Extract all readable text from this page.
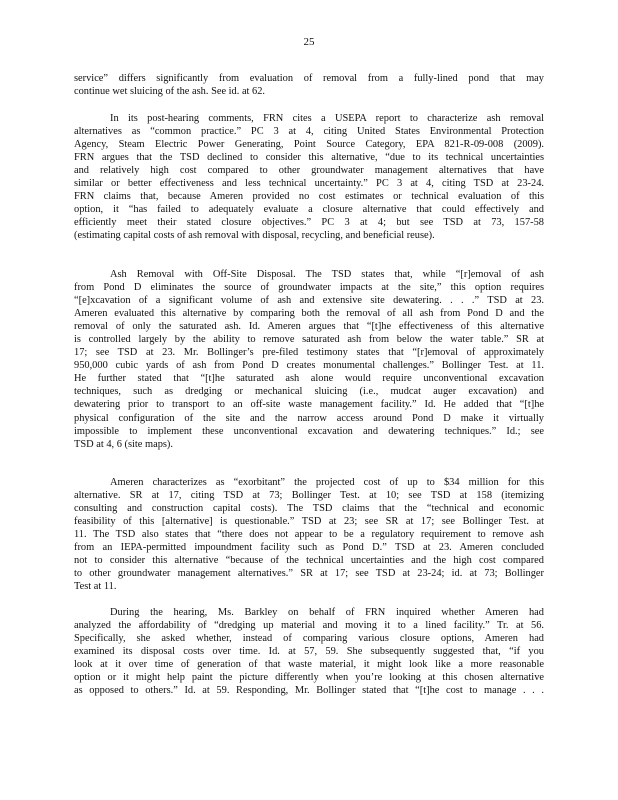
25
service” differs significantly from evaluation of removal from a fully-lined pond that may
continue wet sluicing of the ash. See id. at 62.
In its post-hearing comments, FRN cites a USEPA report to characterize ash removal
alternatives as “common practice.” PC 3 at 4, citing United States Environmental Protection
Agency, Steam Electric Power Generating, Point Source Category, EPA 821-R-09-008 (2009).
FRN argues that the TSD declined to consider this alternative, “due to its technical uncertainties
and relatively high cost compared to other groundwater management alternatives that have
similar or better effectiveness and less technical uncertainty.” PC 3 at 4, citing TSD at 23-24.
FRN claims that, because Ameren provided no cost estimates or technical evaluation of this
option, it “has failed to adequately evaluate a closure alternative that could effectively and
efficiently meet their stated closure objectives.” PC 3 at 4; but see TSD at 73, 157-58
(estimating capital costs of ash removal with disposal, recycling, and beneficial reuse).
Ash Removal with Off-Site Disposal. The TSD states that, while “[r]emoval of ash
from Pond D eliminates the source of groundwater impacts at the site,” this option requires
“[e]xcavation of a significant volume of ash and extensive site dewatering. . . .” TSD at 23.
Ameren evaluated this alternative by comparing both the removal of all ash from Pond D and the
removal of only the saturated ash. Id. Ameren argues that “[t]he effectiveness of this alternative
is controlled largely by the ability to remove saturated ash from below the water table.” SR at
17; see TSD at 23. Mr. Bollinger’s pre-filed testimony states that “[r]emoval of approximately
950,000 cubic yards of ash from Pond D creates monumental challenges.” Bollinger Test. at 11.
He further stated that “[t]he saturated ash alone would require unconventional excavation
techniques, such as dredging or mechanical sluicing (i.e., mudcat auger excavation) and
dewatering prior to transport to an off-site waste management facility.” Id. He added that “[t]he
physical configuration of the site and the narrow access around Pond D make it virtually
impossible to implement these unconventional excavation and dewatering techniques.” Id.; see
TSD at 4, 6 (site maps).
Ameren characterizes as “exorbitant” the projected cost of up to $34 million for this
alternative. SR at 17, citing TSD at 73; Bollinger Test. at 10; see TSD at 158 (itemizing
consulting and construction capital costs). The TSD claims that the “technical and economic
feasibility of this [alternative] is questionable.” TSD at 23; see SR at 17; see Bollinger Test. at
11. The TSD also states that “there does not appear to be a regulatory requirement to remove ash
from an IEPA-permitted impoundment facility such as Pond D.” TSD at 23. Ameren concluded
not to consider this alternative “because of the technical uncertainties and the high cost compared
to other groundwater management alternatives.” SR at 17; see TSD at 23-24; id. at 73; Bollinger
Test at 11.
During the hearing, Ms. Barkley on behalf of FRN inquired whether Ameren had
analyzed the affordability of “dredging up material and moving it to a lined facility.” Tr. at 56.
Specifically, she asked whether, instead of comparing various closure options, Ameren had
examined its disposal costs over time. Id. at 57, 59. She subsequently suggested that, “if you
look at it over time of generation of that waste material, it might look like a more reasonable
option or it might help paint the picture differently when you’re looking at this chosen alternative
as opposed to others.” Id. at 59. Responding, Mr. Bollinger stated that “[t]he cost to manage . . .
